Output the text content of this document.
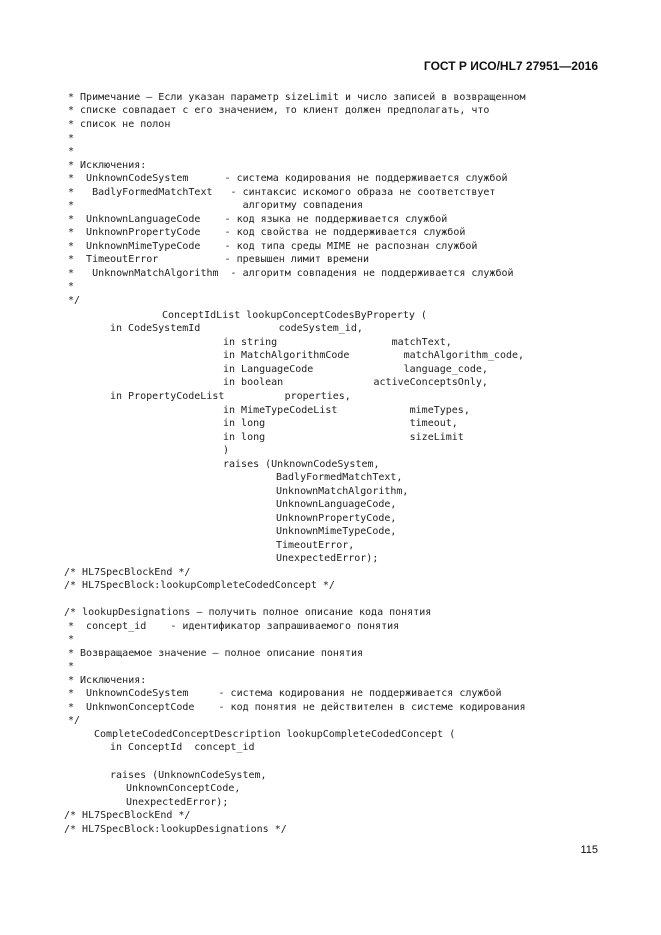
ГОСТ Р ИСО/HL7 27951—2016
* Примечание — Если указан параметр sizeLimit и число записей в возвращенном
* списке совпадает с его значением, то клиент должен предполагать, что
* список не полон
*
*
* Исключения:
*  UnknownCodeSystem      - система кодирования не поддерживается службой
*   BadlyFormedMatchText   - синтаксис искомого образа не соответствует
*                            алгоритму совпадения
*  UnknownLanguageCode    - код языка не поддерживается службой
*  UnknownPropertyCode    - код свойства не поддерживается службой
*  UnknownMimeTypeCode    - код типа среды MIME не распознан службой
*  TimeoutError           - превышен лимит времени
*   UnknownMatchAlgorithm  - алгоритм совпадения не поддерживается службой
*
*/
ConceptIdList lookupConceptCodesByProperty (
in CodeSystemId             codeSystem_id,
in string                   matchText,
in MatchAlgorithmCode         matchAlgorithm_code,
in LanguageCode               language_code,
in boolean               activeConceptsOnly,
in PropertyCodeList          properties,
in MimeTypeCodeList            mimeTypes,
in long                        timeout,
in long                        sizeLimit
)
raises (UnknownCodeSystem,
BadlyFormedMatchText,
UnknownMatchAlgorithm,
UnknownLanguageCode,
UnknownPropertyCode,
UnknownMimeTypeCode,
TimeoutError,
UnexpectedError);
/* HL7SpecBlockEnd */
/* HL7SpecBlock:lookupCompleteCodedConcept */
/* lookupDesignations — получить полное описание кода понятия
*  concept_id    - идентификатор запрашиваемого понятия
*
* Возвращаемое значение — полное описание понятия
*
* Исключения:
*  UnknownCodeSystem     - система кодирования не поддерживается службой
*  UnknwonConceptCode    - код понятия не действителен в системе кодирования
*/
CompleteCodedConceptDescription lookupCompleteCodedConcept (
in ConceptId  concept_id
raises (UnknownCodeSystem,
UnknownConceptCode,
UnexpectedError);
/* HL7SpecBlockEnd */
/* HL7SpecBlock:lookupDesignations */
115
